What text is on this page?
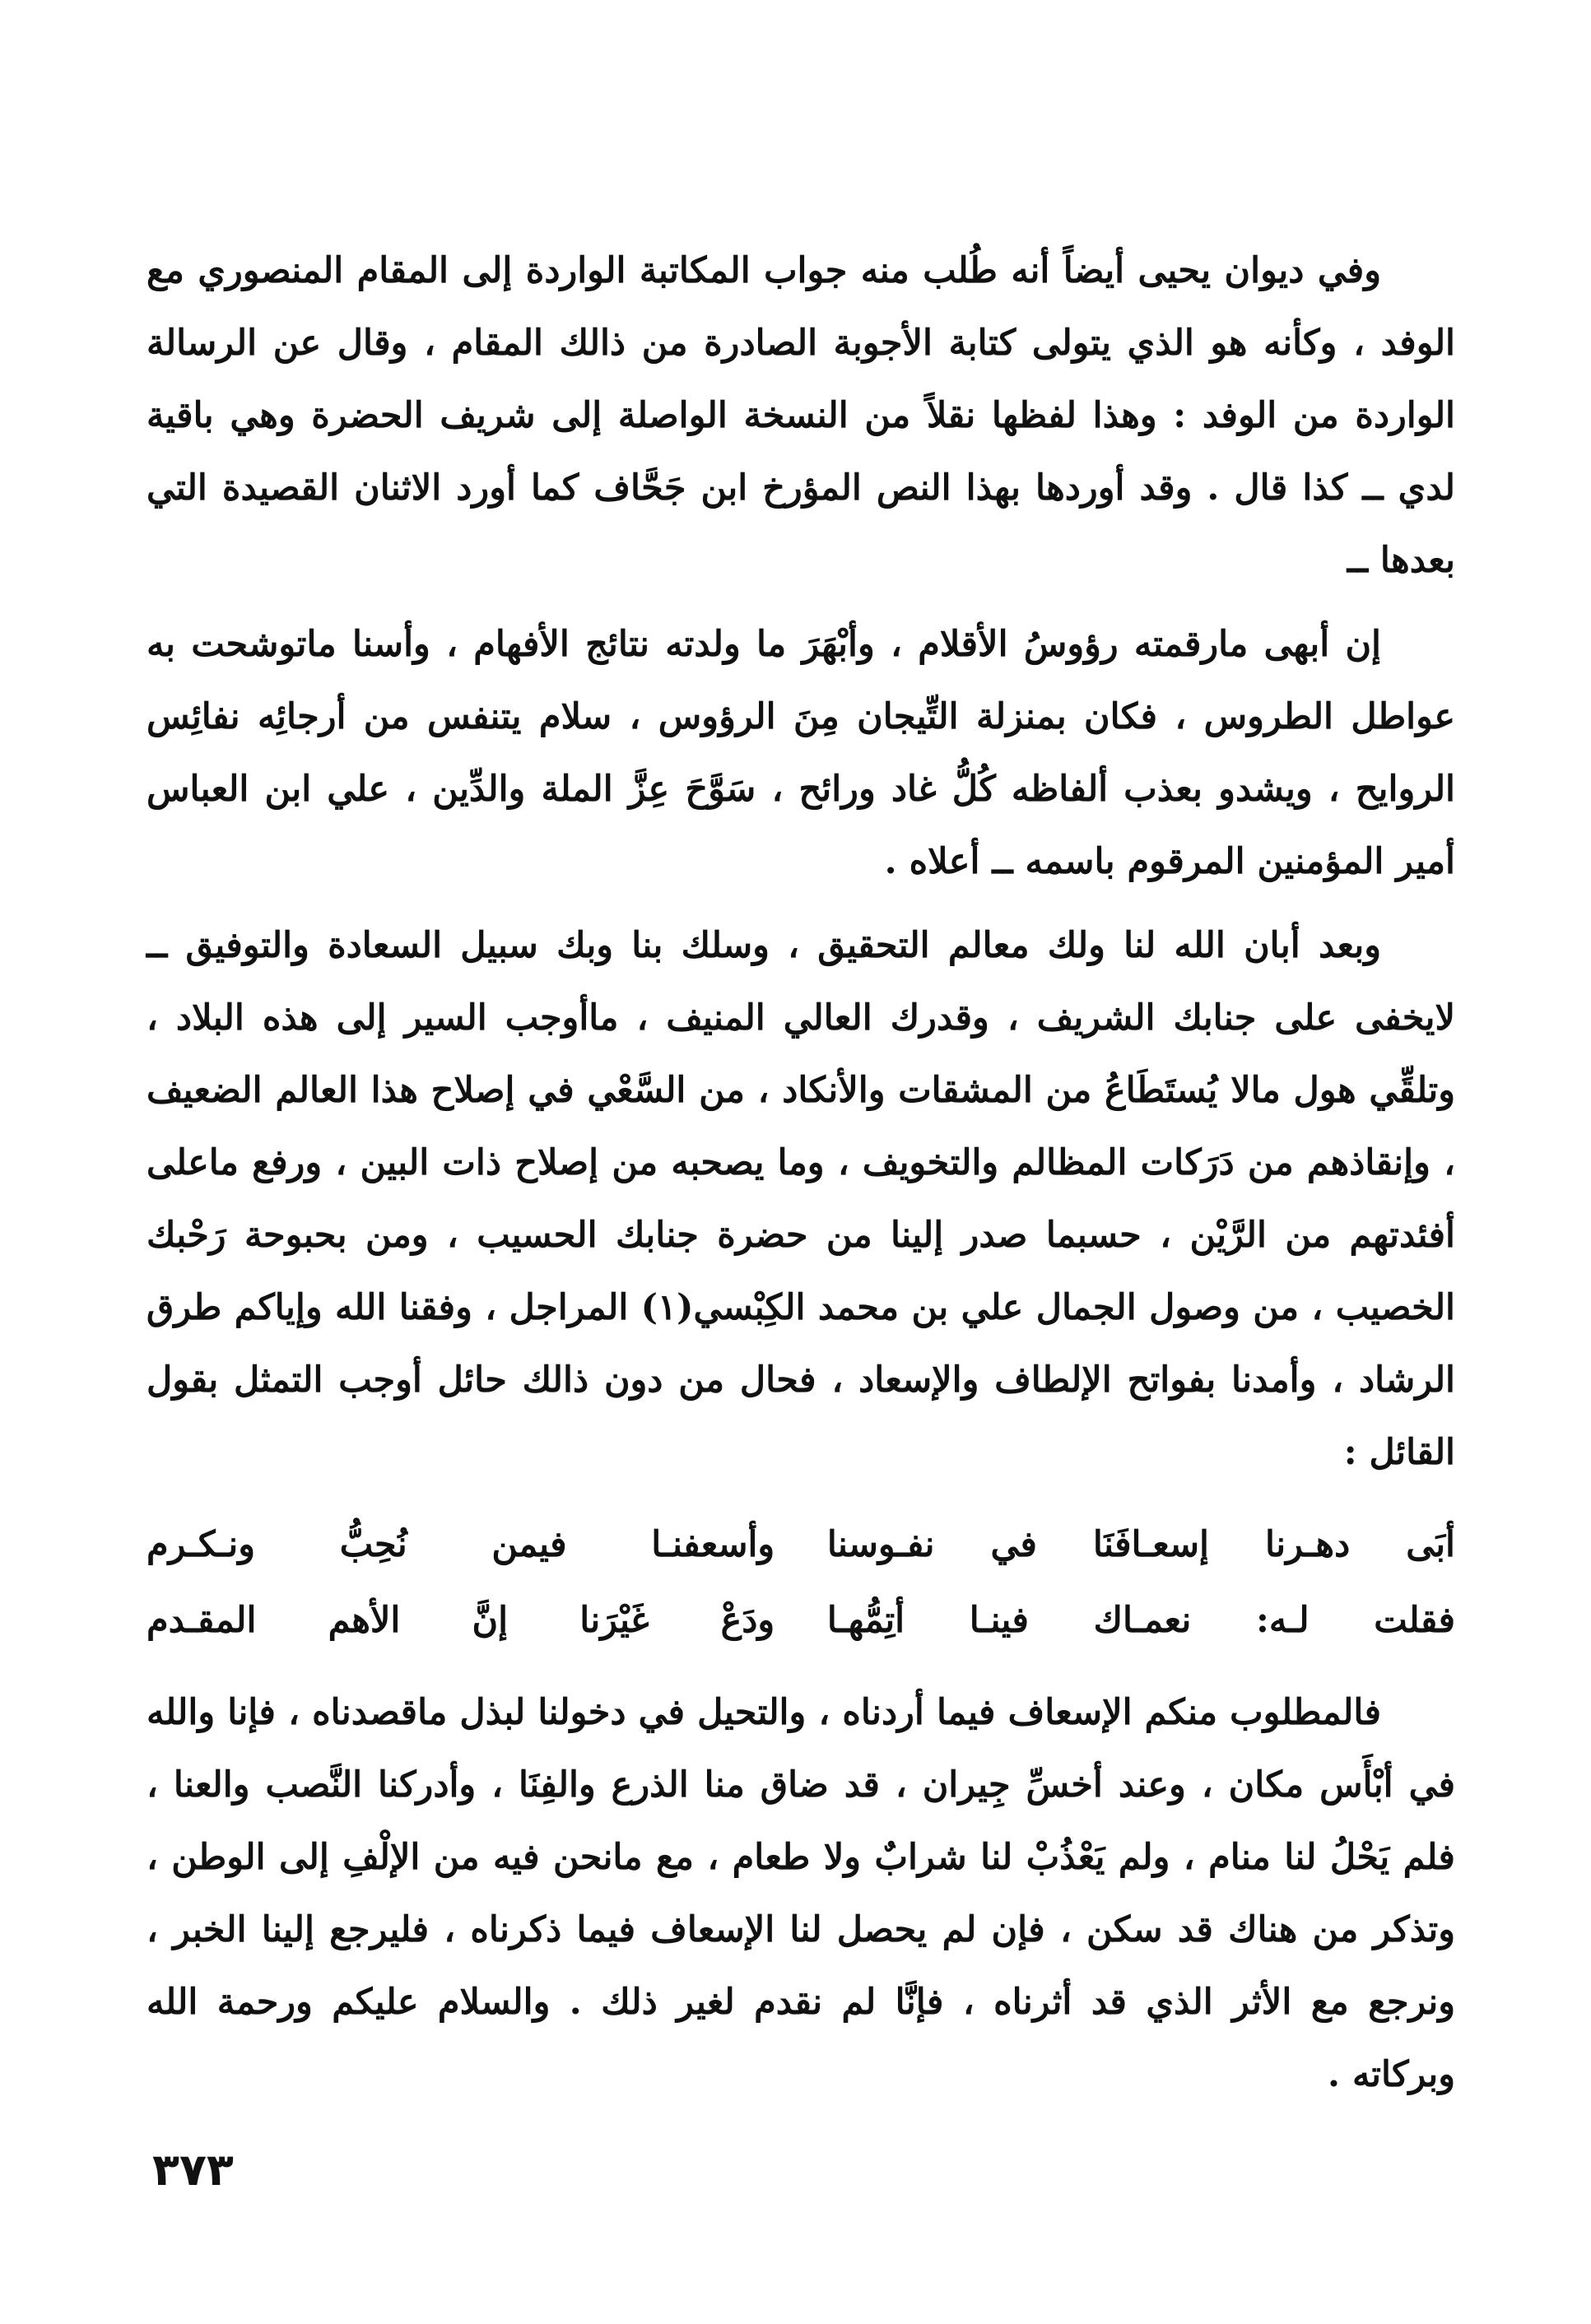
وفي ديوان يحيى أيضاً أنه طُلب منه جواب المكاتبة الواردة إلى المقام المنصوري مع الوفد ، وكأنه هو الذي يتولى كتابة الأجوبة الصادرة من ذالك المقام ، وقال عن الرسالة الواردة من الوفد : وهذا لفظها نقلاً من النسخة الواصلة إلى شريف الحضرة وهي باقية لدي ــ كذا قال . وقد أوردها بهذا النص المؤرخ ابن جَحَّاف كما أورد الاثنان القصيدة التي بعدها ــ

إن أبهى مارقمته رؤوسُ الأقلام ، وأبْهَرَ ما ولدته نتائج الأفهام ، وأسنا ماتوشحت به عواطل الطروس ، فكان بمنزلة التِّيجان مِنَ الرؤوس ، سلام يتنفس من أرجائِه نفائِس الروايح ، ويشدو بعذب ألفاظه كُلُّ غاد ورائح ، سَوَّحَ عِزَّ الملة والدِّين ، علي ابن العباس أمير المؤمنين المرقوم باسمه ــ أعلاه .

وبعد أبان الله لنا ولك معالم التحقيق ، وسلك بنا وبك سبيل السعادة والتوفيق ــ لايخفى على جنابك الشريف ، وقدرك العالي المنيف ، ماأوجب السير إلى هذه البلاد ، وتلقِّي هول مالا يُستَطَاعُ من المشقات والأنكاد ، من السَّعْي في إصلاح هذا العالم الضعيف ، وإنقاذهم من دَرَكات المظالم والتخويف ، وما يصحبه من إصلاح ذات البين ، ورفع ماعلى أفئدتهم من الرَّيْن ، حسبما صدر إلينا من حضرة جنابك الحسيب ، ومن بحبوحة رَحْبك الخصيب ، من وصول الجمال علي بن محمد الكِبْسي(١) المراجل ، وفقنا الله وإياكم طرق الرشاد ، وأمدنا بفواتح الإلطاف والإسعاد ، فحال من دون ذالك حائل أوجب التمثل بقول القائل :

أبَى دهـرنا إسعـافَنَا في نفـوسنا
وأسعفنـا فيمن نُحِبُّ ونـكـرم
فقلت لـه: نعمـاك فينـا أتِمُّهـا
ودَعْ غَيْرَنا إنَّ الأهم المقـدم

فالمطلوب منكم الإسعاف فيما أردناه ، والتحيل في دخولنا لبذل ماقصدناه ، فإنا والله في أبْأَس مكان ، وعند أخسِّ جِيران ، قد ضاق منا الذرع والفِنَا ، وأدركنا النَّصب والعنا ، فلم يَحْلُ لنا منام ، ولم يَعْذُبْ لنا شرابٌ ولا طعام ، مع مانحن فيه من الإلْفِ إلى الوطن ، وتذكر من هناك قد سكن ، فإن لم يحصل لنا الإسعاف فيما ذكرناه ، فليرجع إلينا الخبر ، ونرجع مع الأثر الذي قد أثرناه ، فإنَّا لم نقدم لغير ذلك . والسلام عليكم ورحمة الله وبركاته .

٣٧٣
